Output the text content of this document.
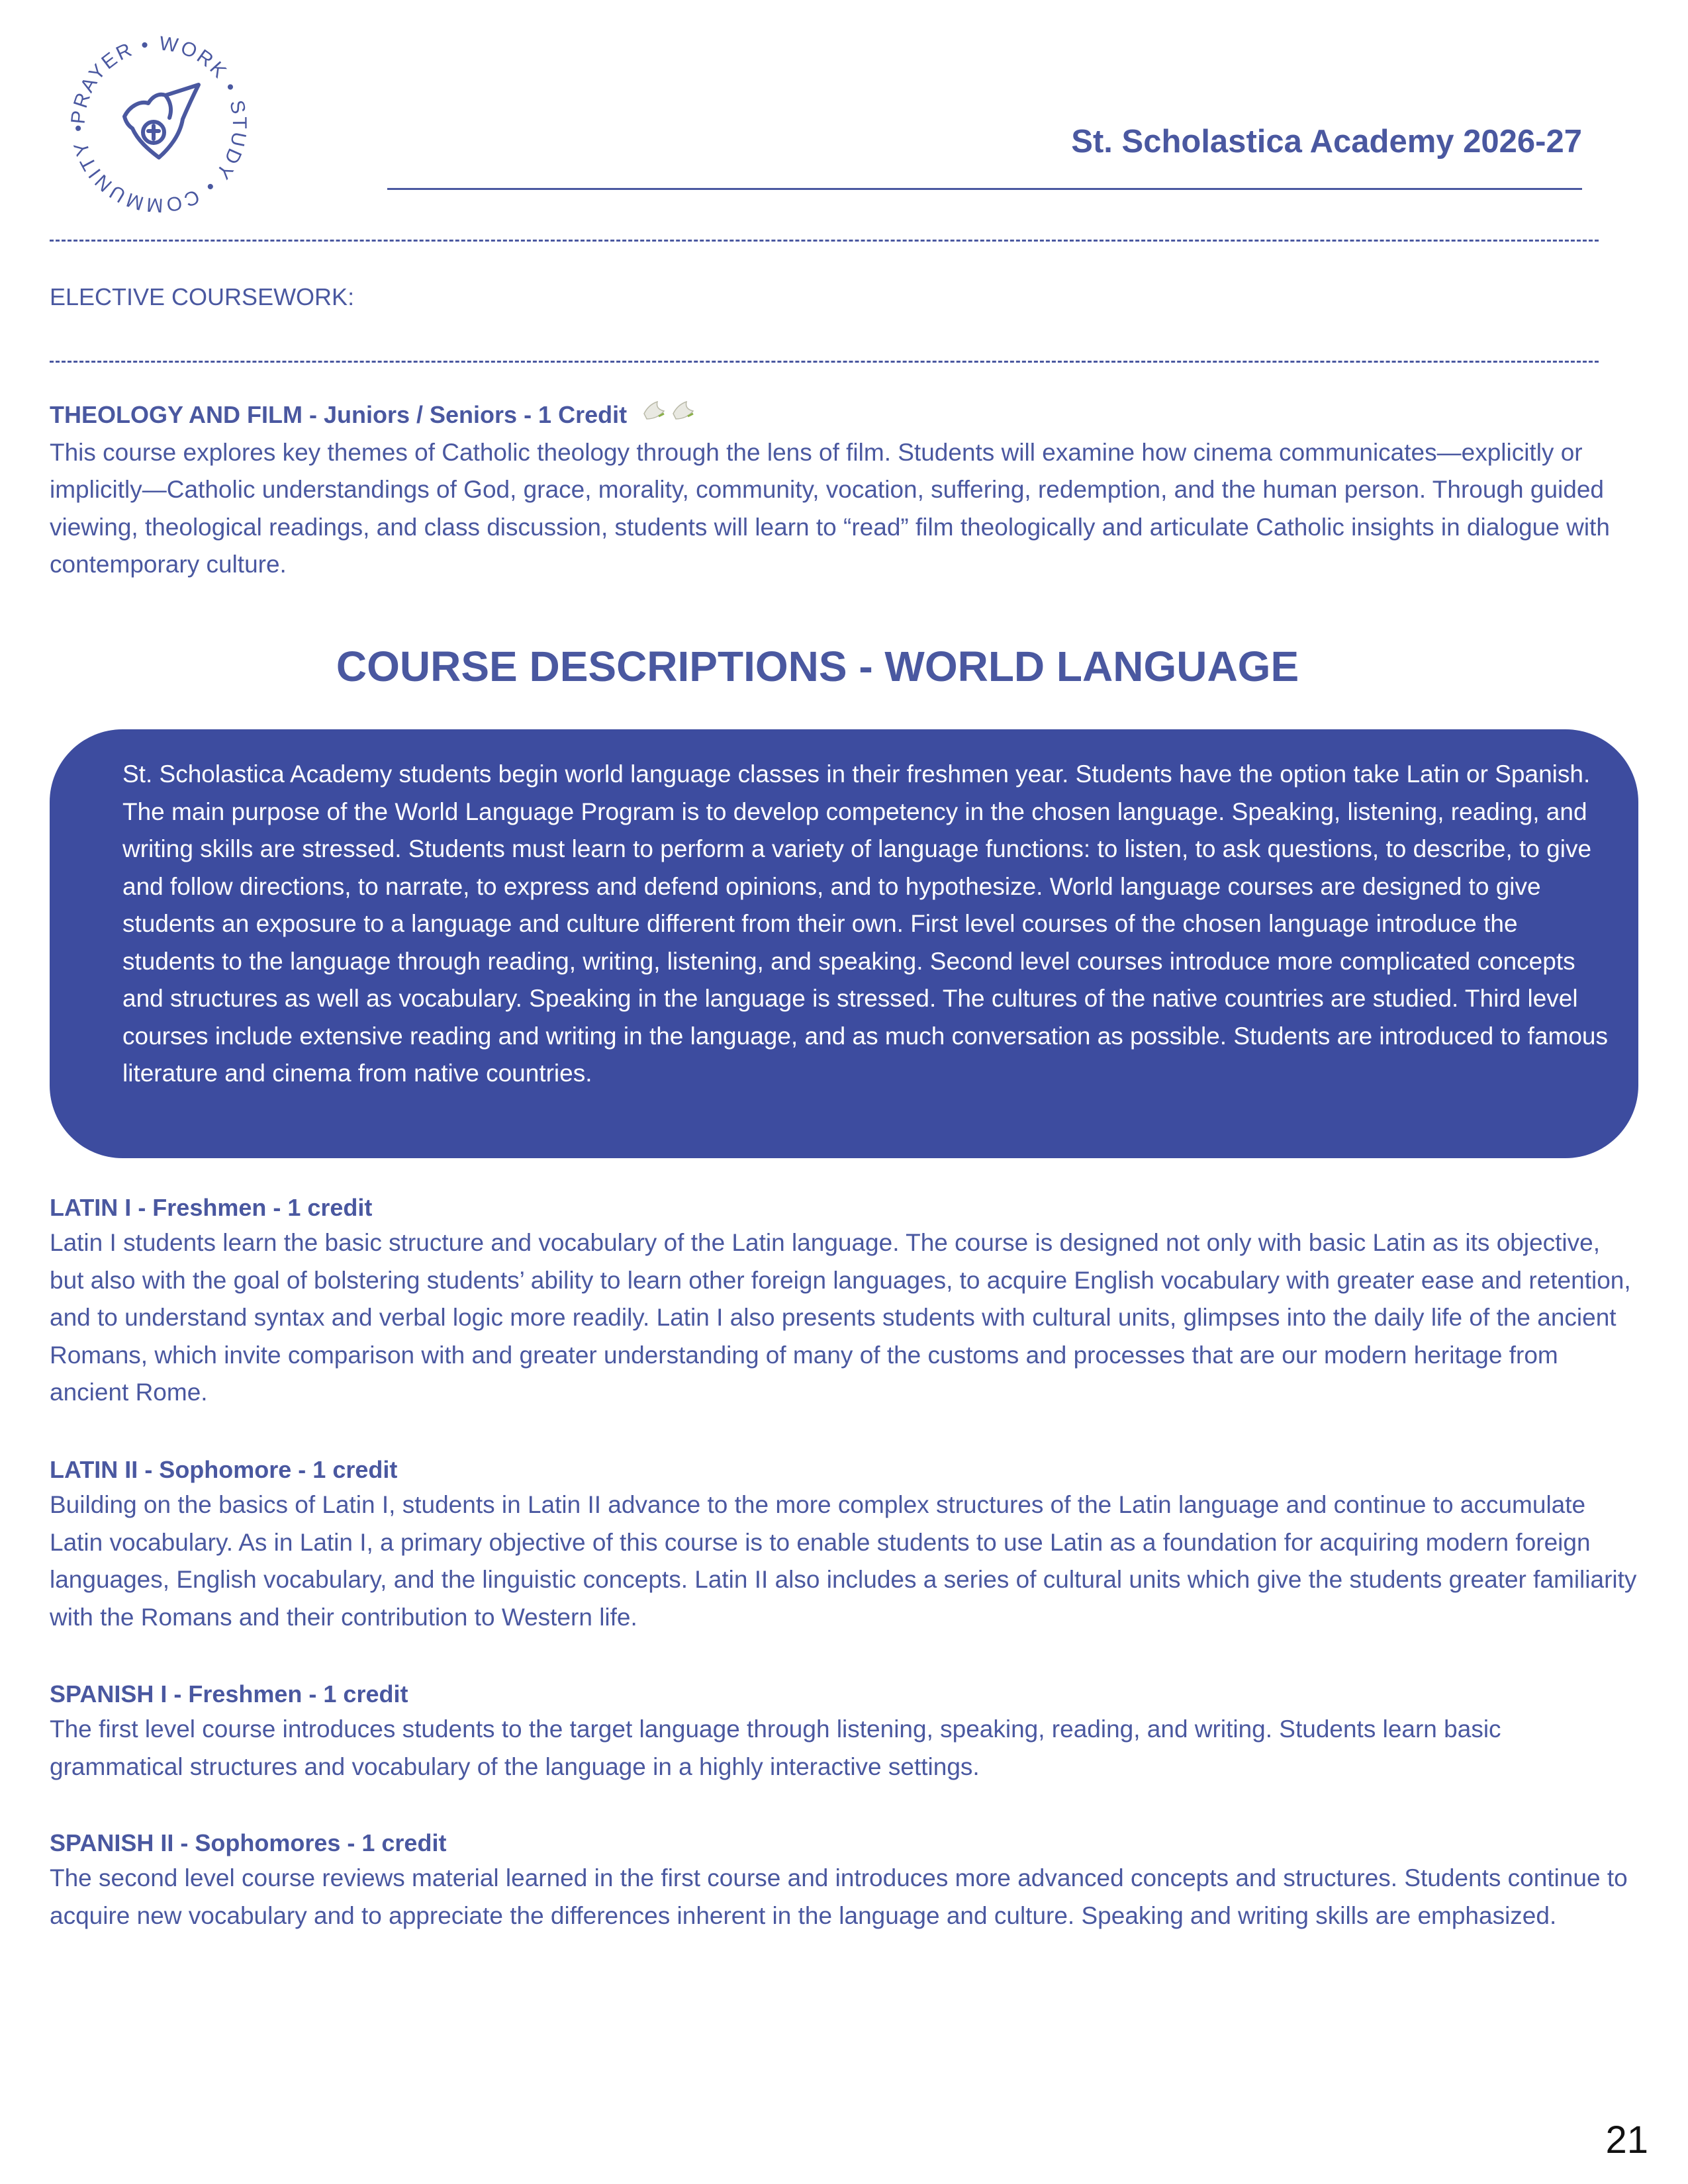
PRAYER • WORK • STUDY • COMMUNITY •	St. Scholastica Academy 2026-27
ELECTIVE COURSEWORK:
THEOLOGY AND FILM - Juniors / Seniors - 1 Credit

This course explores key themes of Catholic theology through the lens of film. Students will examine how cinema communicates—explicitly or implicitly—Catholic understandings of God, grace, morality, community, vocation, suffering, redemption, and the human person. Through guided viewing, theological readings, and class discussion, students will learn to “read” film theologically and articulate Catholic insights in dialogue with contemporary culture.

COURSE DESCRIPTIONS - WORLD LANGUAGE
St. Scholastica Academy students begin world language classes in their freshmen year. Students have the option take Latin or Spanish. The main purpose of the World Language Program is to develop competency in the chosen language. Speaking, listening, reading, and writing skills are stressed. Students must learn to perform a variety of language functions: to listen, to ask questions, to describe, to give and follow directions, to narrate, to express and defend opinions, and to hypothesize. World language courses are designed to give students an exposure to a language and culture different from their own. First level courses of the chosen language introduce the students to the language through reading, writing, listening, and speaking. Second level courses introduce more complicated concepts and structures as well as vocabulary. Speaking in the language is stressed. The cultures of the native countries are studied. Third level courses include extensive reading and writing in the language, and as much conversation as possible. Students are introduced to famous literature and cinema from native countries.
LATIN I - Freshmen - 1 credit

Latin I students learn the basic structure and vocabulary of the Latin language. The course is designed not only with basic Latin as its objective, but also with the goal of bolstering students’ ability to learn other foreign languages, to acquire English vocabulary with greater ease and retention, and to understand syntax and verbal logic more readily. Latin I also presents students with cultural units, glimpses into the daily life of the ancient Romans, which invite comparison with and greater understanding of many of the customs and processes that are our modern heritage from ancient Rome.

LATIN II - Sophomore - 1 credit

Building on the basics of Latin I, students in Latin II advance to the more complex structures of the Latin language and continue to accumulate Latin vocabulary. As in Latin I, a primary objective of this course is to enable students to use Latin as a foundation for acquiring modern foreign languages, English vocabulary, and the linguistic concepts. Latin II also includes a series of cultural units which give the students greater familiarity with the Romans and their contribution to Western life.

SPANISH I - Freshmen - 1 credit

The first level course introduces students to the target language through listening, speaking, reading, and writing. Students learn basic grammatical structures and vocabulary of the language in a highly interactive settings.

SPANISH II - Sophomores - 1 credit

The second level course reviews material learned in the first course and introduces more advanced concepts and structures. Students continue to acquire new vocabulary and to appreciate the differences inherent in the language and culture. Speaking and writing skills are emphasized.

21
